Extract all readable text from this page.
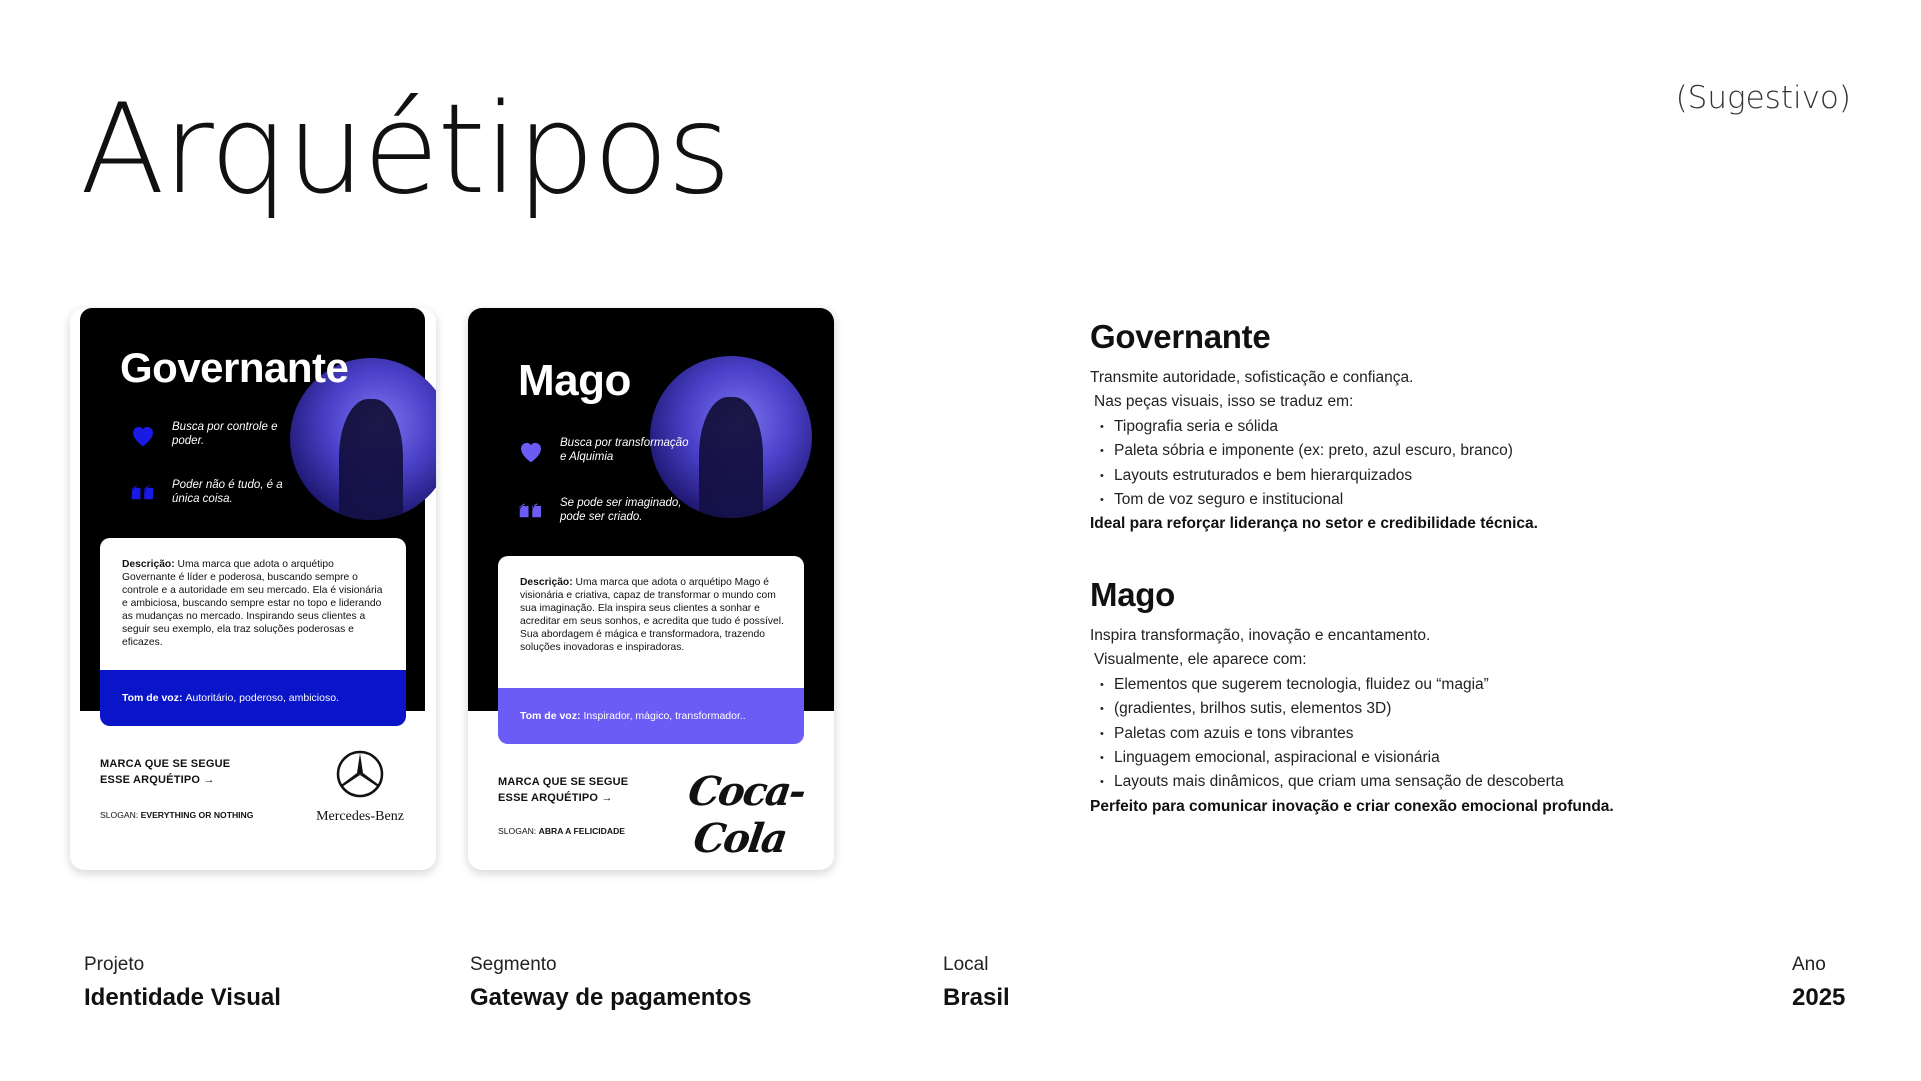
Arquétipos	(Sugestivo)
Governante
Busca por controle e poder.
Poder não é tudo, é a única coisa.
Descrição: Uma marca que adota o arquétipo Governante é líder e poderosa, buscando sempre o controle e a autoridade em seu mercado. Ela é visionária e ambiciosa, buscando sempre estar no topo e liderando as mudanças no mercado. Inspirando seus clientes a seguir seu exemplo, ela traz soluções poderosas e eficazes.
Tom de voz: Autoritário, poderoso, ambicioso.
MARCA QUE SE SEGUE
ESSE ARQUÉTIPO →
SLOGAN: EVERYTHING OR NOTHING	Mercedes-Benz
Mago
Busca por transformação e Alquimia
Se pode ser imaginado, pode ser criado.
Descrição: Uma marca que adota o arquétipo Mago é visionária e criativa, capaz de transformar o mundo com sua imaginação. Ela inspira seus clientes a sonhar e acreditar em seus sonhos, e acredita que tudo é possível. Sua abordagem é mágica e transformadora, trazendo soluções inovadoras e inspiradoras.
Tom de voz: Inspirador, mágico, transformador..
MARCA QUE SE SEGUE
ESSE ARQUÉTIPO →
SLOGAN: ABRA A FELICIDADE
Coca-Cola
Governante
Transmite autoridade, sofisticação e confiança.
Nas peças visuais, isso se traduz em:
• Tipografia seria e sólida
• Paleta sóbria e imponente (ex: preto, azul escuro, branco)
• Layouts estruturados e bem hierarquizados
• Tom de voz seguro e institucional
Ideal para reforçar liderança no setor e credibilidade técnica.
Mago
Inspira transformação, inovação e encantamento.
Visualmente, ele aparece com:
• Elementos que sugerem tecnologia, fluidez ou “magia”
• (gradientes, brilhos sutis, elementos 3D)
• Paletas com azuis e tons vibrantes
• Linguagem emocional, aspiracional e visionária
• Layouts mais dinâmicos, que criam uma sensação de descoberta
Perfeito para comunicar inovação e criar conexão emocional profunda.
Projeto
Identidade Visual
Segmento
Gateway de pagamentos
Local
Brasil
Ano
2025
